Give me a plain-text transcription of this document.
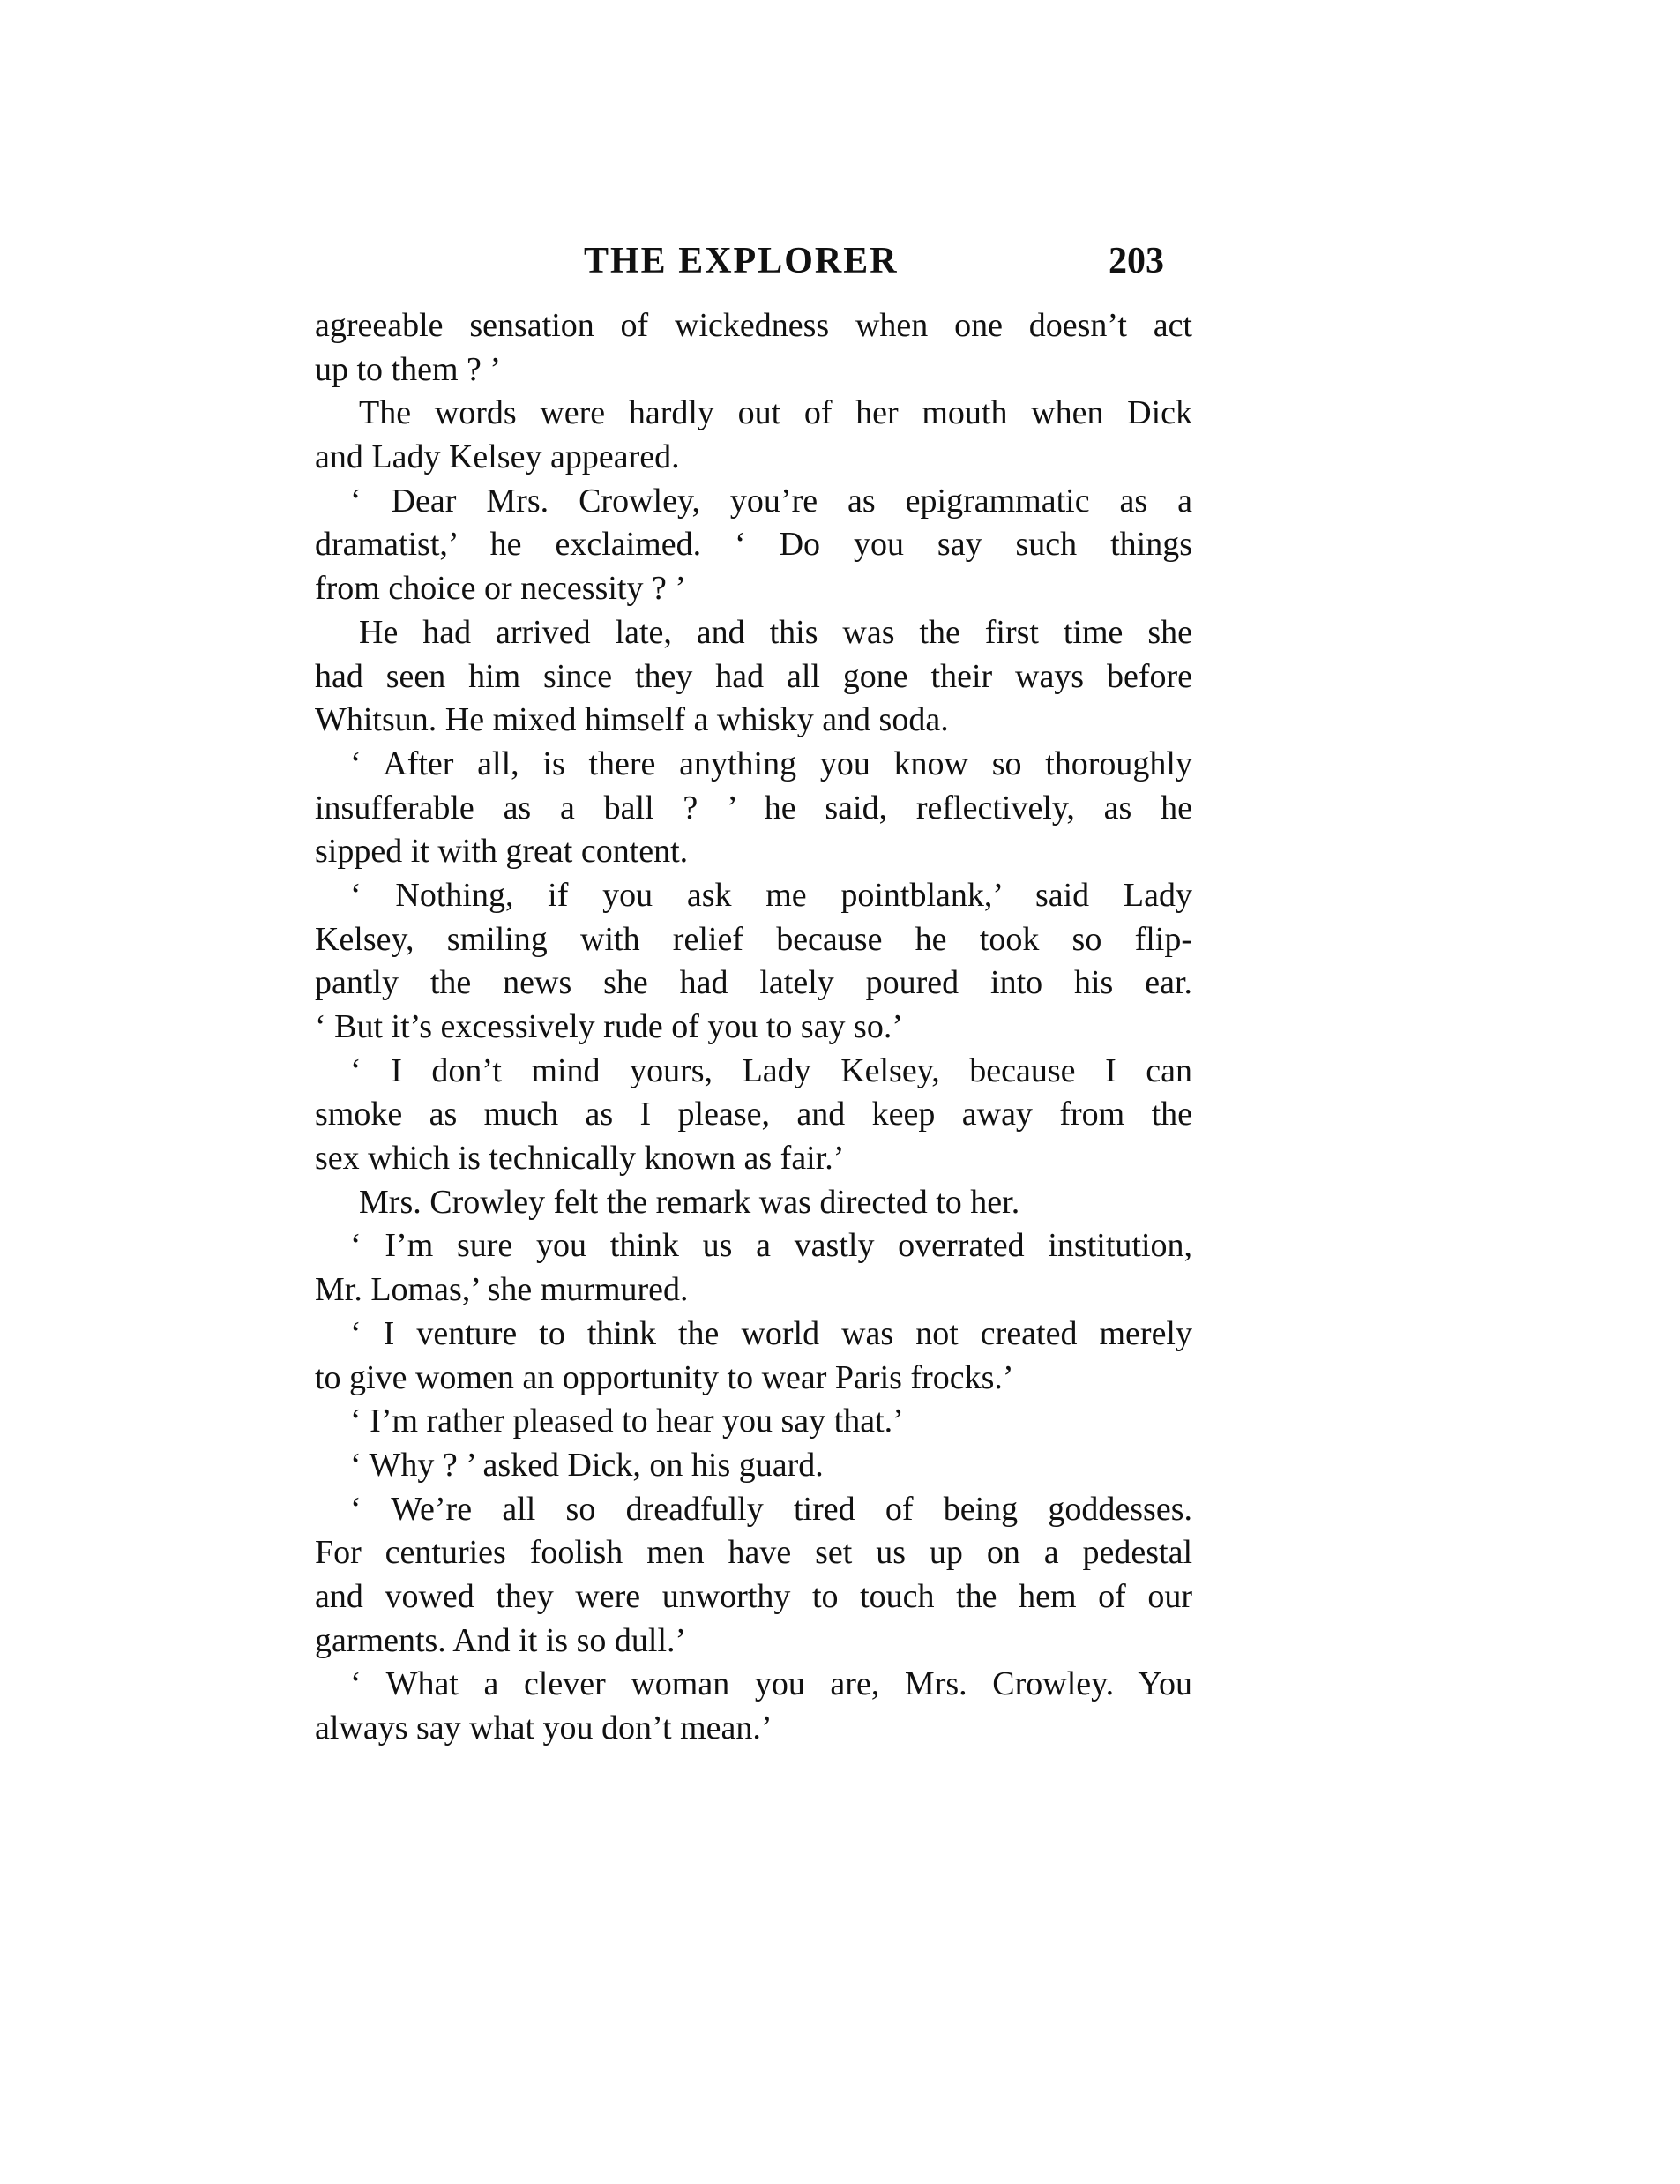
THE EXPLORER	203
agreeable sensation of wickedness when one doesn’t act
up to them ? ’
The words were hardly out of her mouth when Dick
and Lady Kelsey appeared.
‘ Dear Mrs. Crowley, you’re as epigrammatic as a
dramatist,’ he exclaimed. ‘ Do you say such things
from choice or necessity ? ’
He had arrived late, and this was the first time she
had seen him since they had all gone their ways before
Whitsun. He mixed himself a whisky and soda.
‘ After all, is there anything you know so thoroughly
insufferable as a ball ? ’ he said, reflectively, as he
sipped it with great content.
‘ Nothing, if you ask me pointblank,’ said Lady
Kelsey, smiling with relief because he took so flip-
pantly the news she had lately poured into his ear.
‘ But it’s excessively rude of you to say so.’
‘ I don’t mind yours, Lady Kelsey, because I can
smoke as much as I please, and keep away from the
sex which is technically known as fair.’
Mrs. Crowley felt the remark was directed to her.
‘ I’m sure you think us a vastly overrated institution,
Mr. Lomas,’ she murmured.
‘ I venture to think the world was not created merely
to give women an opportunity to wear Paris frocks.’
‘ I’m rather pleased to hear you say that.’
‘ Why ? ’ asked Dick, on his guard.
‘ We’re all so dreadfully tired of being goddesses.
For centuries foolish men have set us up on a pedestal
and vowed they were unworthy to touch the hem of our
garments. And it is so dull.’
‘ What a clever woman you are, Mrs. Crowley. You
always say what you don’t mean.’
